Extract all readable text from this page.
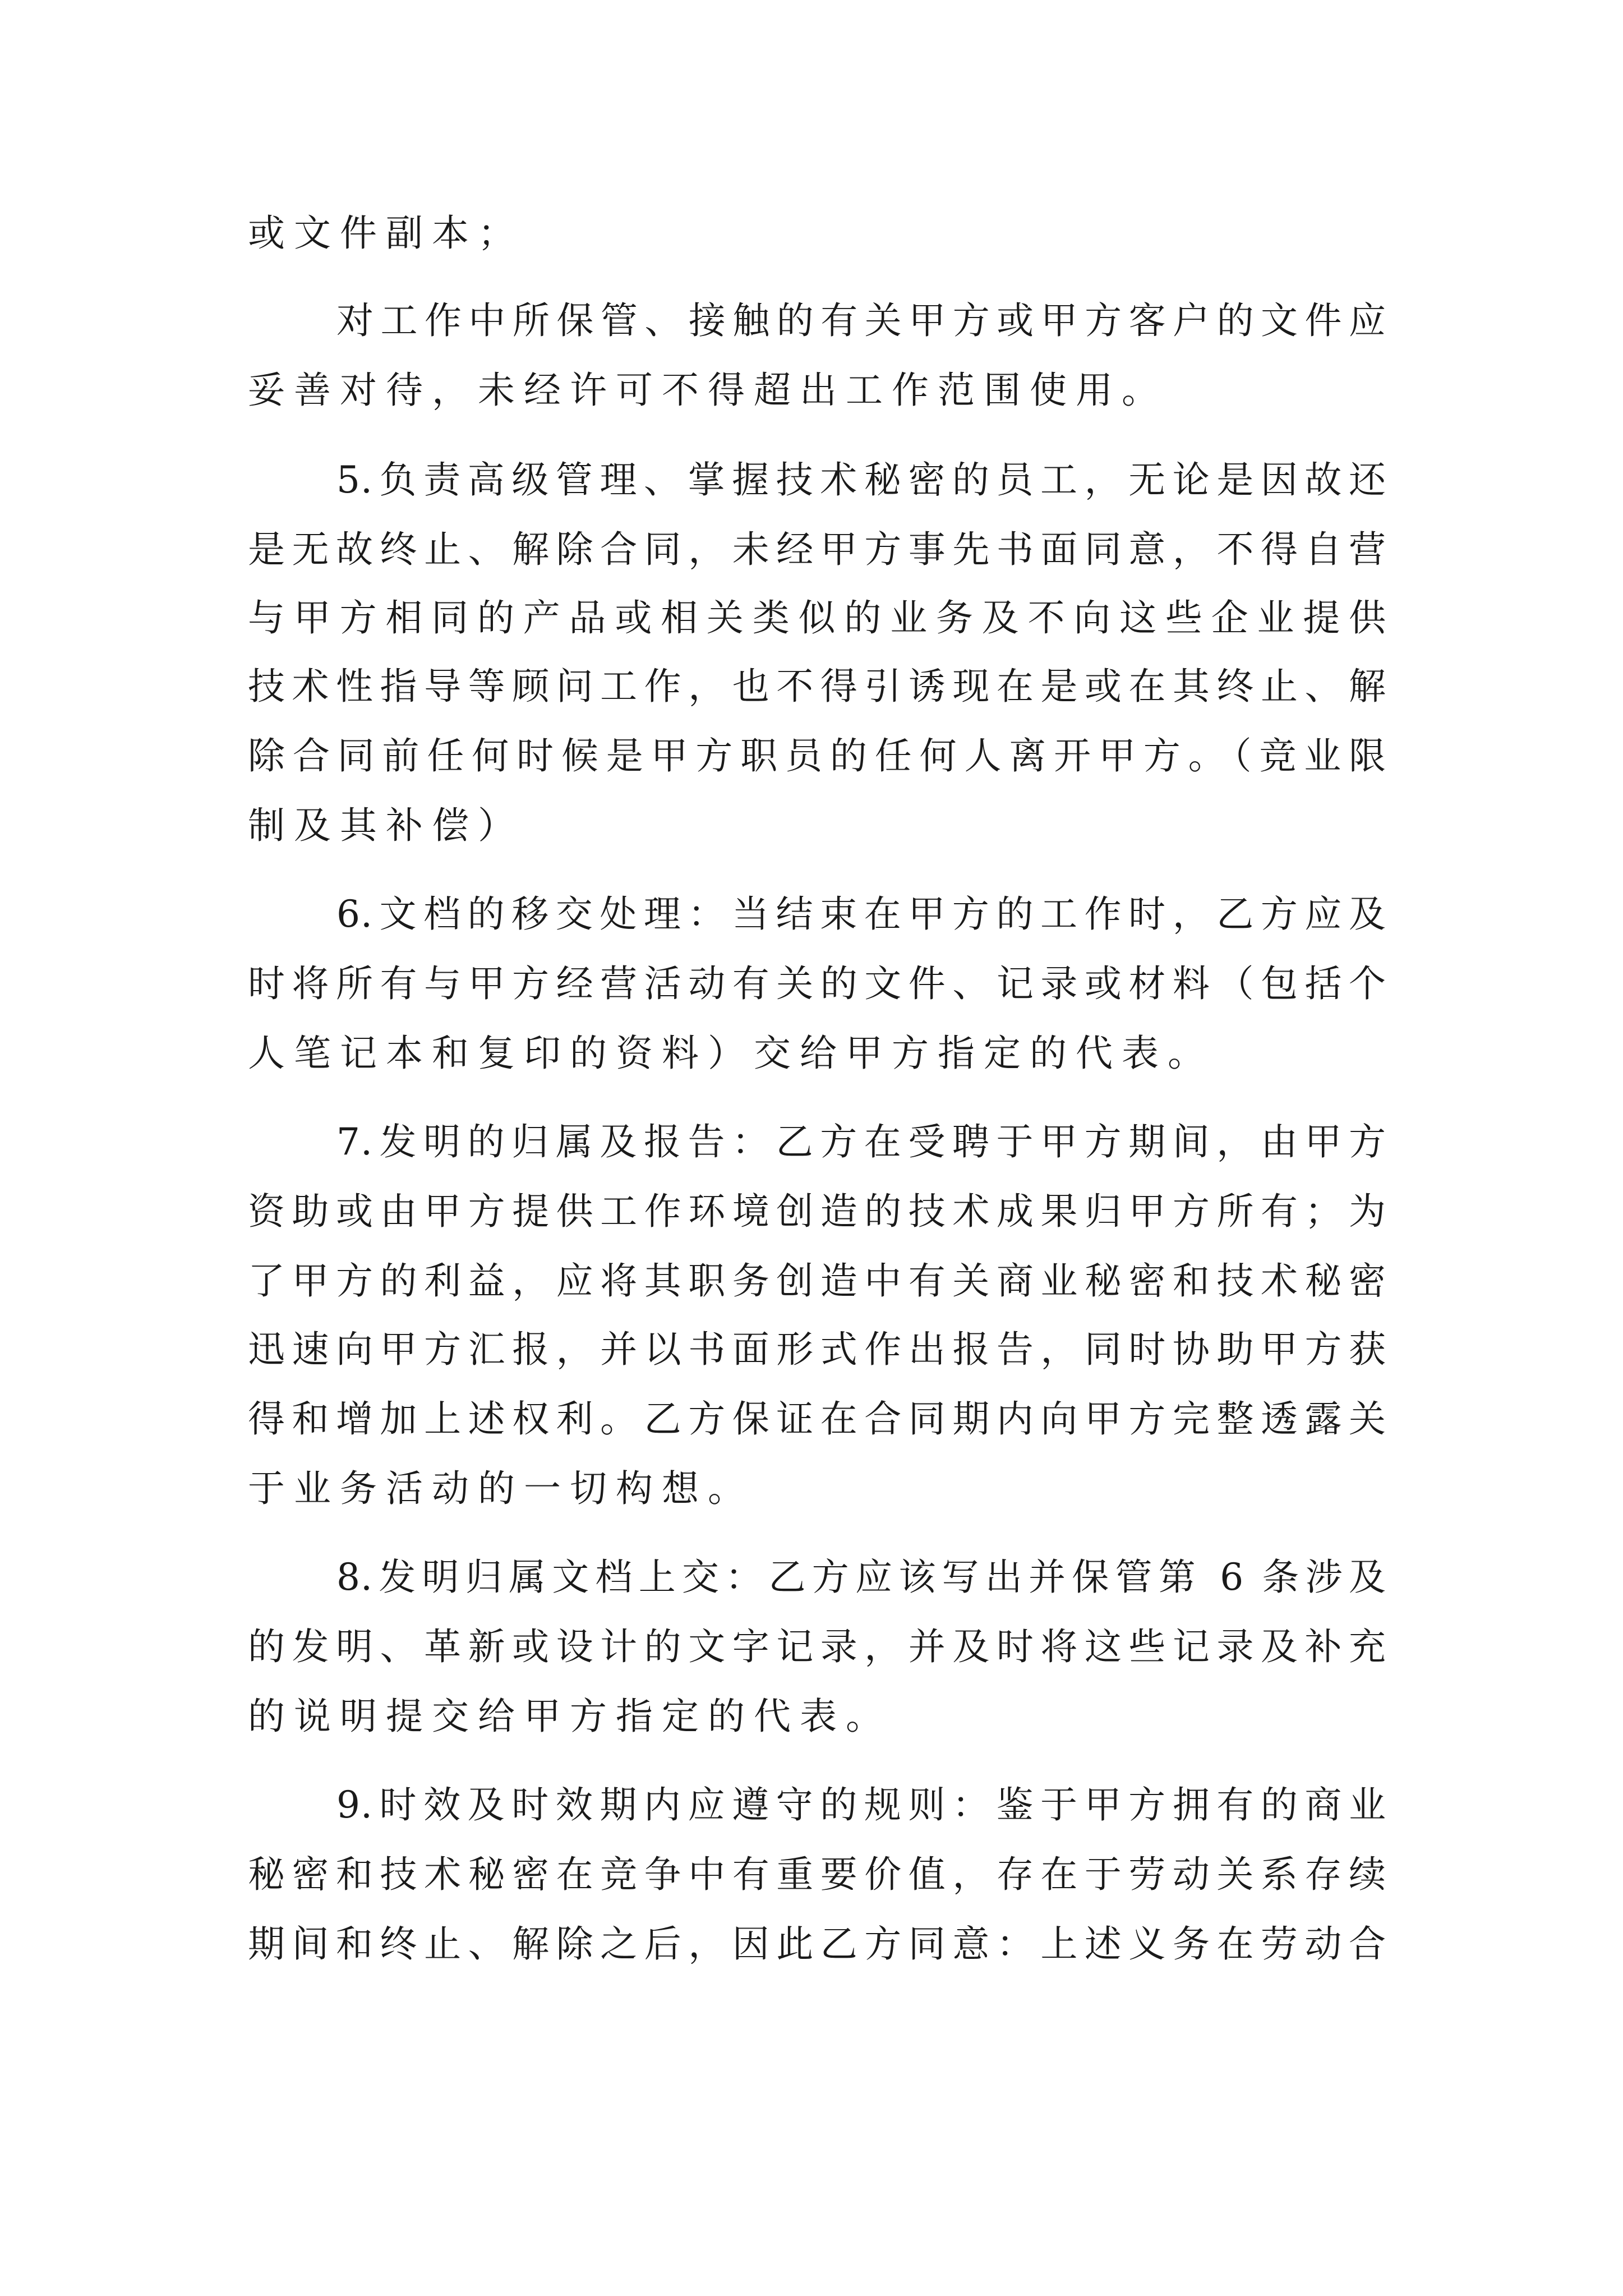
或文件副本；
对工作中所保管、接触的有关甲方或甲方客户的文件应
妥善对待，未经许可不得超出工作范围使用。
5.负责高级管理、掌握技术秘密的员工，无论是因故还
是无故终止、解除合同，未经甲方事先书面同意，不得自营
与甲方相同的产品或相关类似的业务及不向这些企业提供
技术性指导等顾问工作，也不得引诱现在是或在其终止、解
除合同前任何时候是甲方职员的任何人离开甲方。（竞业限
制及其补偿）
6.文档的移交处理：当结束在甲方的工作时，乙方应及
时将所有与甲方经营活动有关的文件、记录或材料（包括个
人笔记本和复印的资料）交给甲方指定的代表。
7.发明的归属及报告：乙方在受聘于甲方期间，由甲方
资助或由甲方提供工作环境创造的技术成果归甲方所有；为
了甲方的利益，应将其职务创造中有关商业秘密和技术秘密
迅速向甲方汇报，并以书面形式作出报告，同时协助甲方获
得和增加上述权利。乙方保证在合同期内向甲方完整透露关
于业务活动的一切构想。
8.发明归属文档上交：乙方应该写出并保管第 6 条涉及
的发明、革新或设计的文字记录，并及时将这些记录及补充
的说明提交给甲方指定的代表。
9.时效及时效期内应遵守的规则：鉴于甲方拥有的商业
秘密和技术秘密在竞争中有重要价值，存在于劳动关系存续
期间和终止、解除之后，因此乙方同意：上述义务在劳动合
